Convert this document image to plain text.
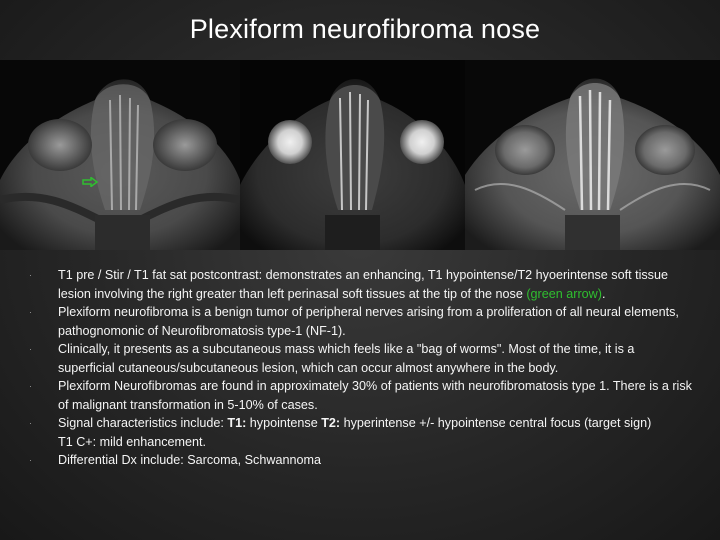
Plexiform neurofibroma nose
· T1 pre / Stir / T1 fat sat postcontrast: demonstrates an enhancing, T1 hypointense/T2 hyoerintense soft tissue lesion involving the right greater than left perinasal soft tissues at the tip of the nose (green arrow).
· Plexiform neurofibroma is a benign tumor of peripheral nerves arising from a proliferation of all neural elements, pathognomonic of Neurofibromatosis type-1 (NF-1).
· Clinically, it presents as a subcutaneous mass which feels like a "bag of worms". Most of the time, it is a superficial cutaneous/subcutaneous lesion, which can occur almost anywhere in the body.
· Plexiform Neurofibromas are found in approximately 30% of patients with neurofibromatosis type 1. There is a risk of malignant transformation in 5-10% of cases.
· Signal characteristics include: T1: hypointense T2: hyperintense +/- hypointense central focus (target sign)
T1 C+: mild enhancement.
· Differential Dx include: Sarcoma, Schwannoma
